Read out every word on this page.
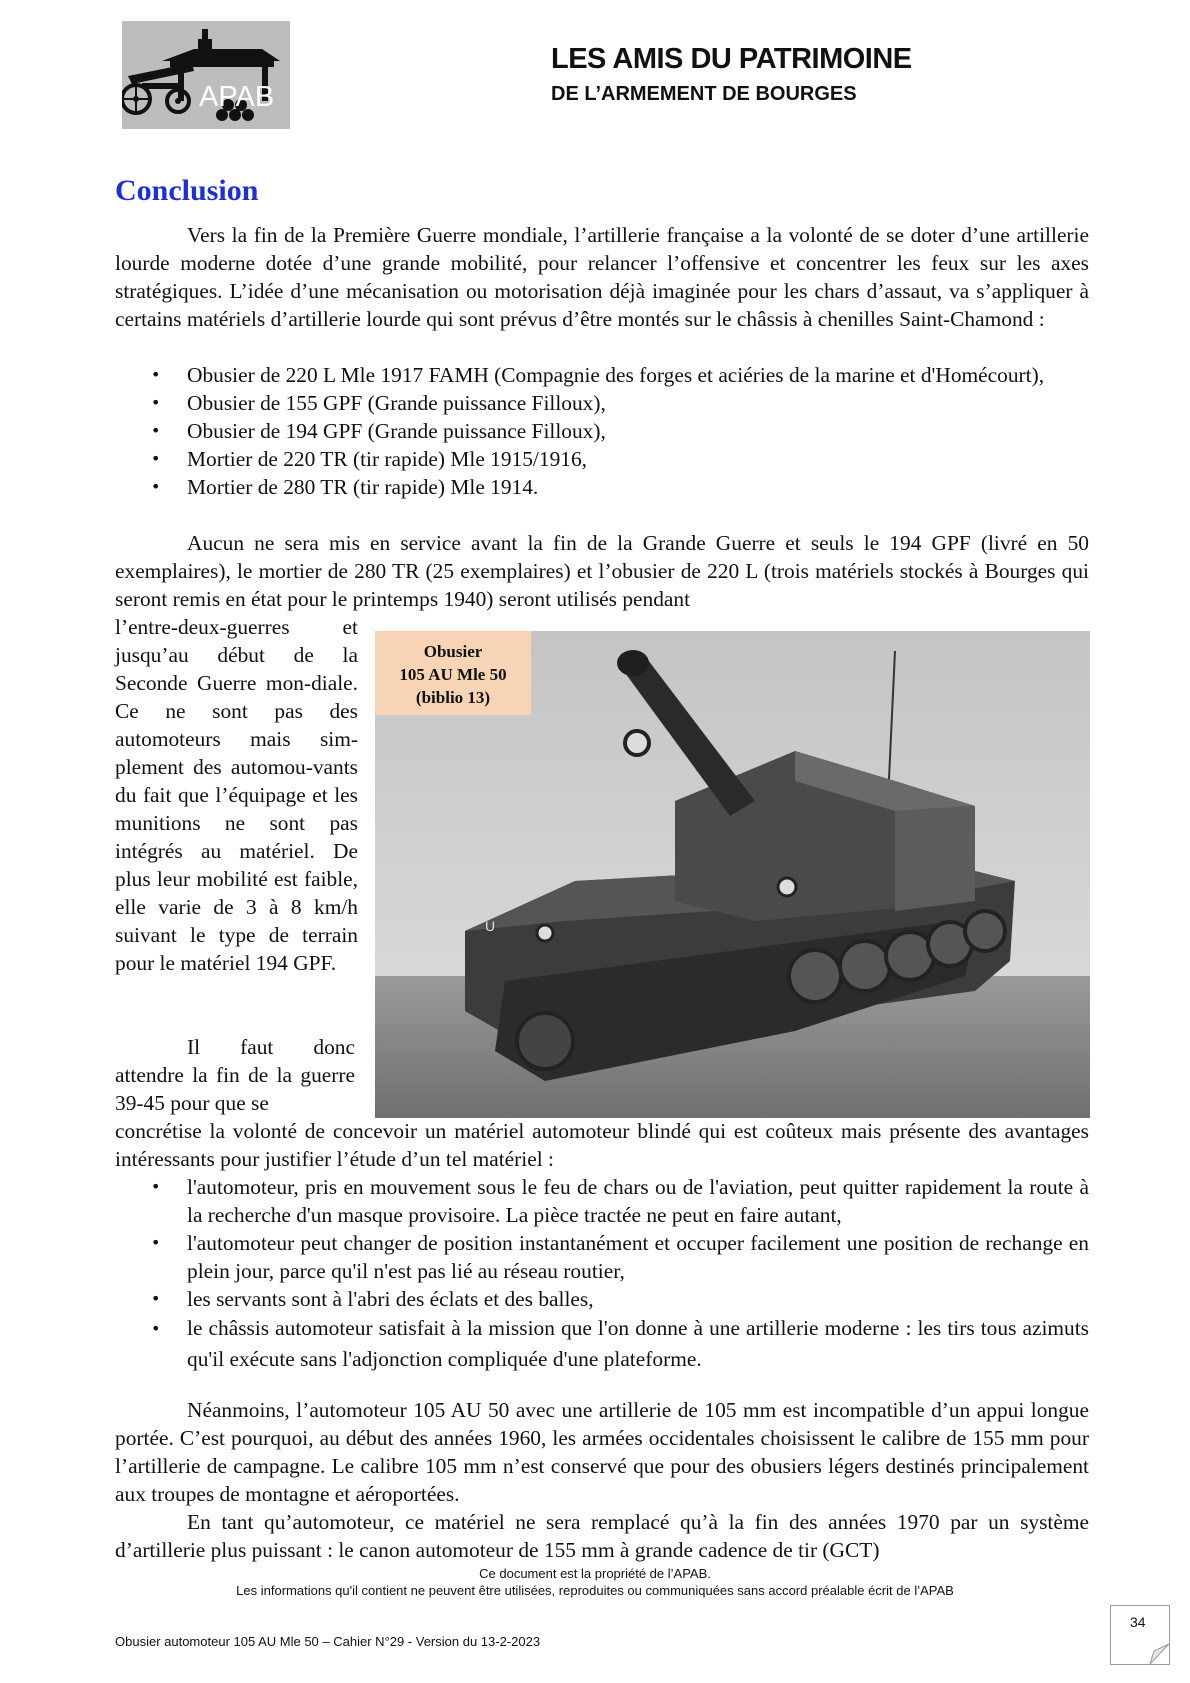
APAB
LES AMIS DU PATRIMOINE
DE L’ARMEMENT DE BOURGES
Conclusion

Vers la fin de la Première Guerre mondiale, l’artillerie française a la volonté de se doter d’une artillerie lourde moderne dotée d’une grande mobilité, pour relancer l’offensive et concentrer les feux sur les axes stratégiques. L’idée d’une mécanisation ou motorisation déjà imaginée pour les chars d’assaut, va s’appliquer à certains matériels d’artillerie lourde qui sont prévus d’être montés sur le châssis à chenilles Saint-Chamond :

• Obusier de 220 L Mle 1917 FAMH (Compagnie des forges et aciéries de la marine et d'Homécourt),
• Obusier de 155 GPF (Grande puissance Filloux),
• Obusier de 194 GPF (Grande puissance Filloux),
• Mortier de 220 TR (tir rapide) Mle 1915/1916,
• Mortier de 280 TR (tir rapide) Mle 1914.

Aucun ne sera mis en service avant la fin de la Grande Guerre et seuls le 194 GPF (livré en 50 exemplaires), le mortier de 280 TR (25 exemplaires) et l’obusier de 220 L (trois matériels stockés à Bourges qui seront remis en état pour le printemps 1940) seront utilisés pendant

l’entre-deux-guerres et jusqu’au début de la Seconde Guerre mon-diale. Ce ne sont pas des automoteurs mais sim-plement des automou-vants du fait que l’équipage et les munitions ne sont pas intégrés au matériel. De plus leur mobilité est faible, elle varie de 3 à 8 km/h suivant le type de terrain pour le matériel 194 GPF.

Il faut donc attendre la fin de la guerre 39-45 pour que se

U
Obusier
105 AU Mle 50
(biblio 13)

concrétise la volonté de concevoir un matériel automoteur blindé qui est coûteux mais présente des avantages intéressants pour justifier l’étude d’un tel matériel :

• l'automoteur, pris en mouvement sous le feu de chars ou de l'aviation, peut quitter rapidement la route à la recherche d'un masque provisoire. La pièce tractée ne peut en faire autant,
• l'automoteur peut changer de position instantanément et occuper facilement une position de rechange en plein jour, parce qu'il n'est pas lié au réseau routier,
• les servants sont à l'abri des éclats et des balles,
• le châssis automoteur satisfait à la mission que l'on donne à une artillerie moderne : les tirs tous azimuts qu'il exécute sans l'adjonction compliquée d'une plateforme.

Néanmoins, l’automoteur 105 AU 50 avec une artillerie de 105 mm est incompatible d’un appui longue portée. C’est pourquoi, au début des années 1960, les armées occidentales choisissent le calibre de 155 mm pour l’artillerie de campagne. Le calibre 105 mm n’est conservé que pour des obusiers légers destinés principalement aux troupes de montagne et aéroportées.

En tant qu’automoteur, ce matériel ne sera remplacé qu’à la fin des années 1970 par un système d’artillerie plus puissant : le canon automoteur de 155 mm à grande cadence de tir (GCT)

Ce document est la propriété de l’APAB.
Les informations qu'il contient ne peuvent être utilisées, reproduites ou communiquées sans accord préalable écrit de l’APAB
Obusier automoteur 105 AU Mle 50 – Cahier N°29 - Version du 13-2-2023
34
